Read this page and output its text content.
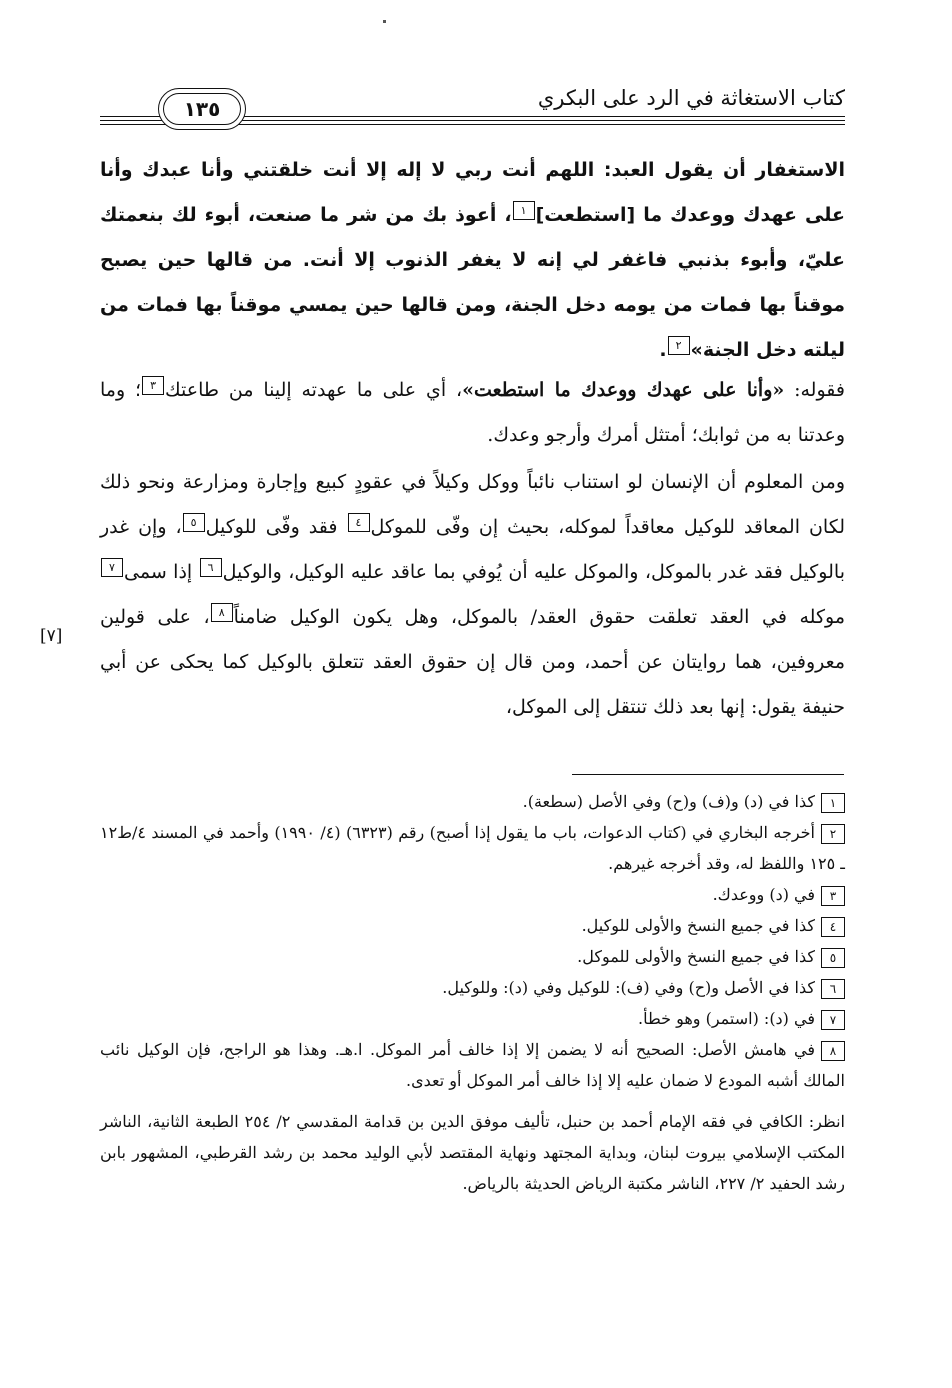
كتاب الاستغاثة في الرد على البكري
١٣٥

الاستغفار أن يقول العبد: اللهم أنت ربي لا إله إلا أنت خلقتني وأنا عبدك وأنا على عهدك ووعدك ما [استطعت]١، أعوذ بك من شر ما صنعت، أبوء لك بنعمتك عليّ، وأبوء بذنبي فاغفر لي إنه لا يغفر الذنوب إلا أنت. من قالها حين يصبح موقناً بها فمات من يومه دخل الجنة، ومن قالها حين يمسي موقناً بها فمات من ليلته دخل الجنة»٢.

فقوله: «وأنا على عهدك ووعدك ما استطعت»، أي على ما عهدته إلينا من طاعتك٣؛ وما وعدتنا به من ثوابك؛ أمتثل أمرك وأرجو وعدك.

ومن المعلوم أن الإنسان لو استناب نائباً ووكل وكيلاً في عقودٍ كبيع وإجارة ومزارعة ونحو ذلك لكان المعاقد للوكيل معاقداً لموكله، بحيث إن وفّى للموكل٤ فقد وفّى للوكيل٥، وإن غدر بالوكيل فقد غدر بالموكل، والموكل عليه أن يُوفي بما عاقد عليه الوكيل، والوكيل٦ إذا سمى٧ موكله في العقد تعلقت حقوق العقد/ بالموكل، وهل يكون الوكيل ضامناً٨، على قولين معروفين، هما روايتان عن أحمد، ومن قال إن حقوق العقد تتعلق بالوكيل كما يحكى عن أبي حنيفة يقول: إنها بعد ذلك تنتقل إلى الموكل،

[٧]

١كذا في (د) و(ف) و(ح) وفي الأصل (سطعة).

٢أخرجه البخاري في (كتاب الدعوات، باب ما يقول إذا أصبح) رقم (٦٣٢٣) (٤/ ١٩٩٠) وأحمد في المسند ٤/ط١٢ ـ ١٢٥ واللفظ له، وقد أخرجه غيرهم.

٣في (د) ووعدك.

٤كذا في جميع النسخ والأولى للوكيل.

٥كذا في جميع النسخ والأولى للموكل.

٦كذا في الأصل و(ح) وفي (ف): للوكيل وفي (د): وللوكيل.

٧في (د): (استمر) وهو خطأ.

٨في هامش الأصل: الصحيح أنه لا يضمن إلا إذا خالف أمر الموكل. ا.هـ. وهذا هو الراجح، فإن الوكيل نائب المالك أشبه المودع لا ضمان عليه إلا إذا خالف أمر الموكل أو تعدى.

انظر: الكافي في فقه الإمام أحمد بن حنبل، تأليف موفق الدين بن قدامة المقدسي ٢/ ٢٥٤ الطبعة الثانية، الناشر المكتب الإسلامي بيروت لبنان، وبداية المجتهد ونهاية المقتصد لأبي الوليد محمد بن رشد القرطبي، المشهور بابن رشد الحفيد ٢/ ٢٢٧، الناشر مكتبة الرياض الحديثة بالرياض.
